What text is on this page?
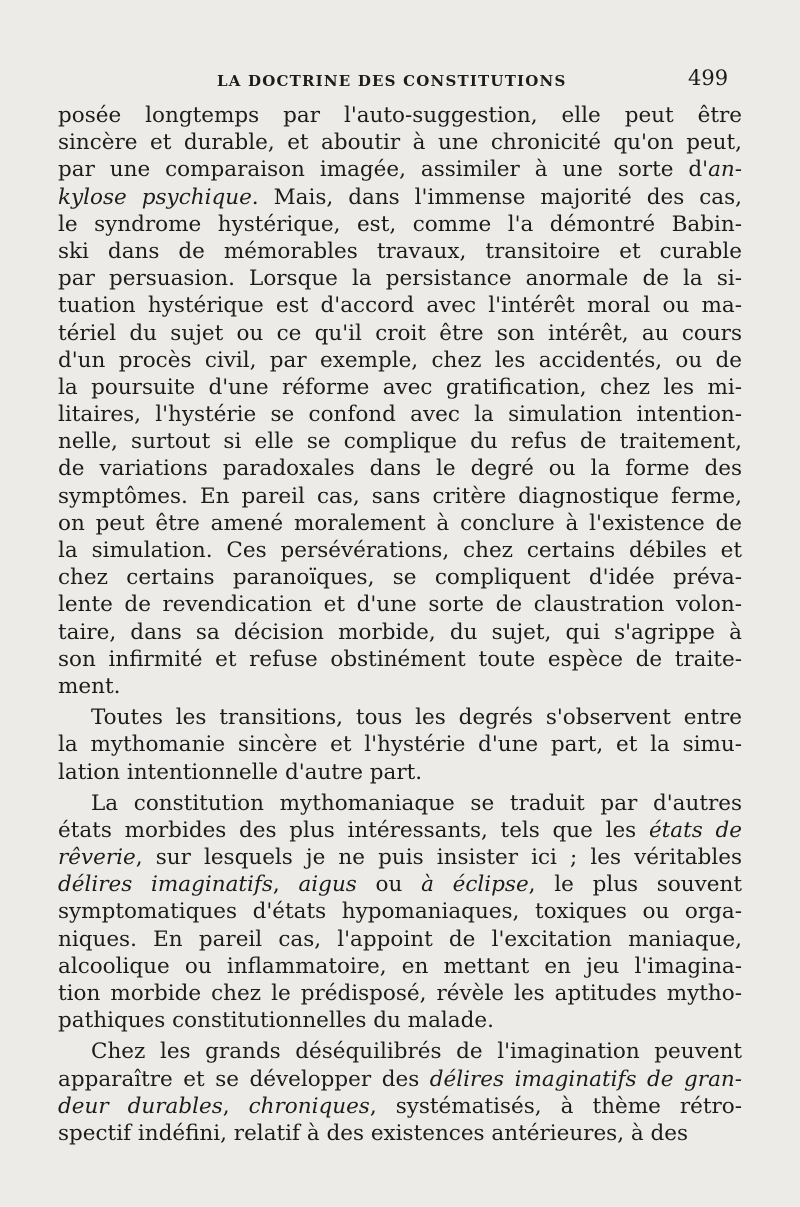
LA DOCTRINE DES CONSTITUTIONS	499
posée longtemps par l'auto-suggestion, elle peut être
sincère et durable, et aboutir à une chronicité qu'on peut,
par une comparaison imagée, assimiler à une sorte d'an-
kylose psychique. Mais, dans l'immense majorité des cas,
le syndrome hystérique, est, comme l'a démontré Babin-
ski dans de mémorables travaux, transitoire et curable
par persuasion. Lorsque la persistance anormale de la si-
tuation hystérique est d'accord avec l'intérêt moral ou ma-
tériel du sujet ou ce qu'il croit être son intérêt, au cours
d'un procès civil, par exemple, chez les accidentés, ou de
la poursuite d'une réforme avec gratification, chez les mi-
litaires, l'hystérie se confond avec la simulation intention-
nelle, surtout si elle se complique du refus de traitement,
de variations paradoxales dans le degré ou la forme des
symptômes. En pareil cas, sans critère diagnostique ferme,
on peut être amené moralement à conclure à l'existence de
la simulation. Ces persévérations, chez certains débiles et
chez certains paranoïques, se compliquent d'idée préva-
lente de revendication et d'une sorte de claustration volon-
taire, dans sa décision morbide, du sujet, qui s'agrippe à
son infirmité et refuse obstinément toute espèce de traite-
ment.
Toutes les transitions, tous les degrés s'observent entre
la mythomanie sincère et l'hystérie d'une part, et la simu-
lation intentionnelle d'autre part.
La constitution mythomaniaque se traduit par d'autres
états morbides des plus intéressants, tels que les états de
rêverie, sur lesquels je ne puis insister ici ; les véritables
délires imaginatifs, aigus ou à éclipse, le plus souvent
symptomatiques d'états hypomaniaques, toxiques ou orga-
niques. En pareil cas, l'appoint de l'excitation maniaque,
alcoolique ou inflammatoire, en mettant en jeu l'imagina-
tion morbide chez le prédisposé, révèle les aptitudes mytho-
pathiques constitutionnelles du malade.
Chez les grands déséquilibrés de l'imagination peuvent
apparaître et se développer des délires imaginatifs de gran-
deur durables, chroniques, systématisés, à thème rétro-
spectif indéfini, relatif à des existences antérieures, à des
